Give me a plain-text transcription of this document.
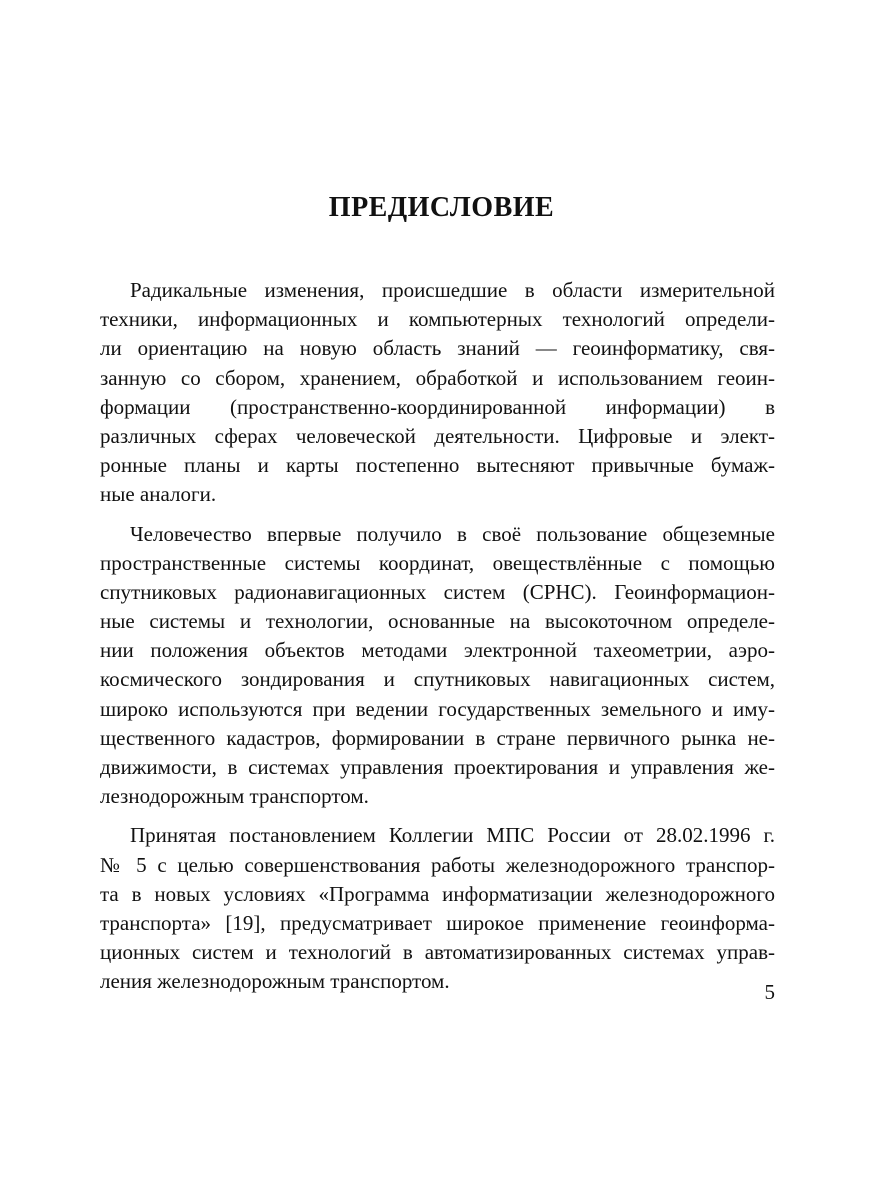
ПРЕДИСЛОВИЕ

Радикальные изменения, происшедшие в области измерительной
техники, информационных и компьютерных технологий определи-
ли ориентацию на новую область знаний — геоинформатику, свя-
занную со сбором, хранением, обработкой и использованием геоин-
формации (пространственно-координированной информации) в
различных сферах человеческой деятельности. Цифровые и элект-
ронные планы и карты постепенно вытесняют привычные бумаж-
ные аналоги.

Человечество впервые получило в своё пользование общеземные
пространственные системы координат, овеществлённые с помощью
спутниковых радионавигационных систем (СРНС). Геоинформацион-
ные системы и технологии, основанные на высокоточном определе-
нии положения объектов методами электронной тахеометрии, аэро-
космического зондирования и спутниковых навигационных систем,
широко используются при ведении государственных земельного и иму-
щественного кадастров, формировании в стране первичного рынка не-
движимости, в системах управления проектирования и управления же-
лезнодорожным транспортом.

Принятая постановлением Коллегии МПС России от 28.02.1996 г.
№ 5 с целью совершенствования работы железнодорожного транспор-
та в новых условиях «Программа информатизации железнодорожного
транспорта» [19], предусматривает широкое применение геоинформа-
ционных систем и технологий в автоматизированных системах управ-
ления железнодорожным транспортом.	5
